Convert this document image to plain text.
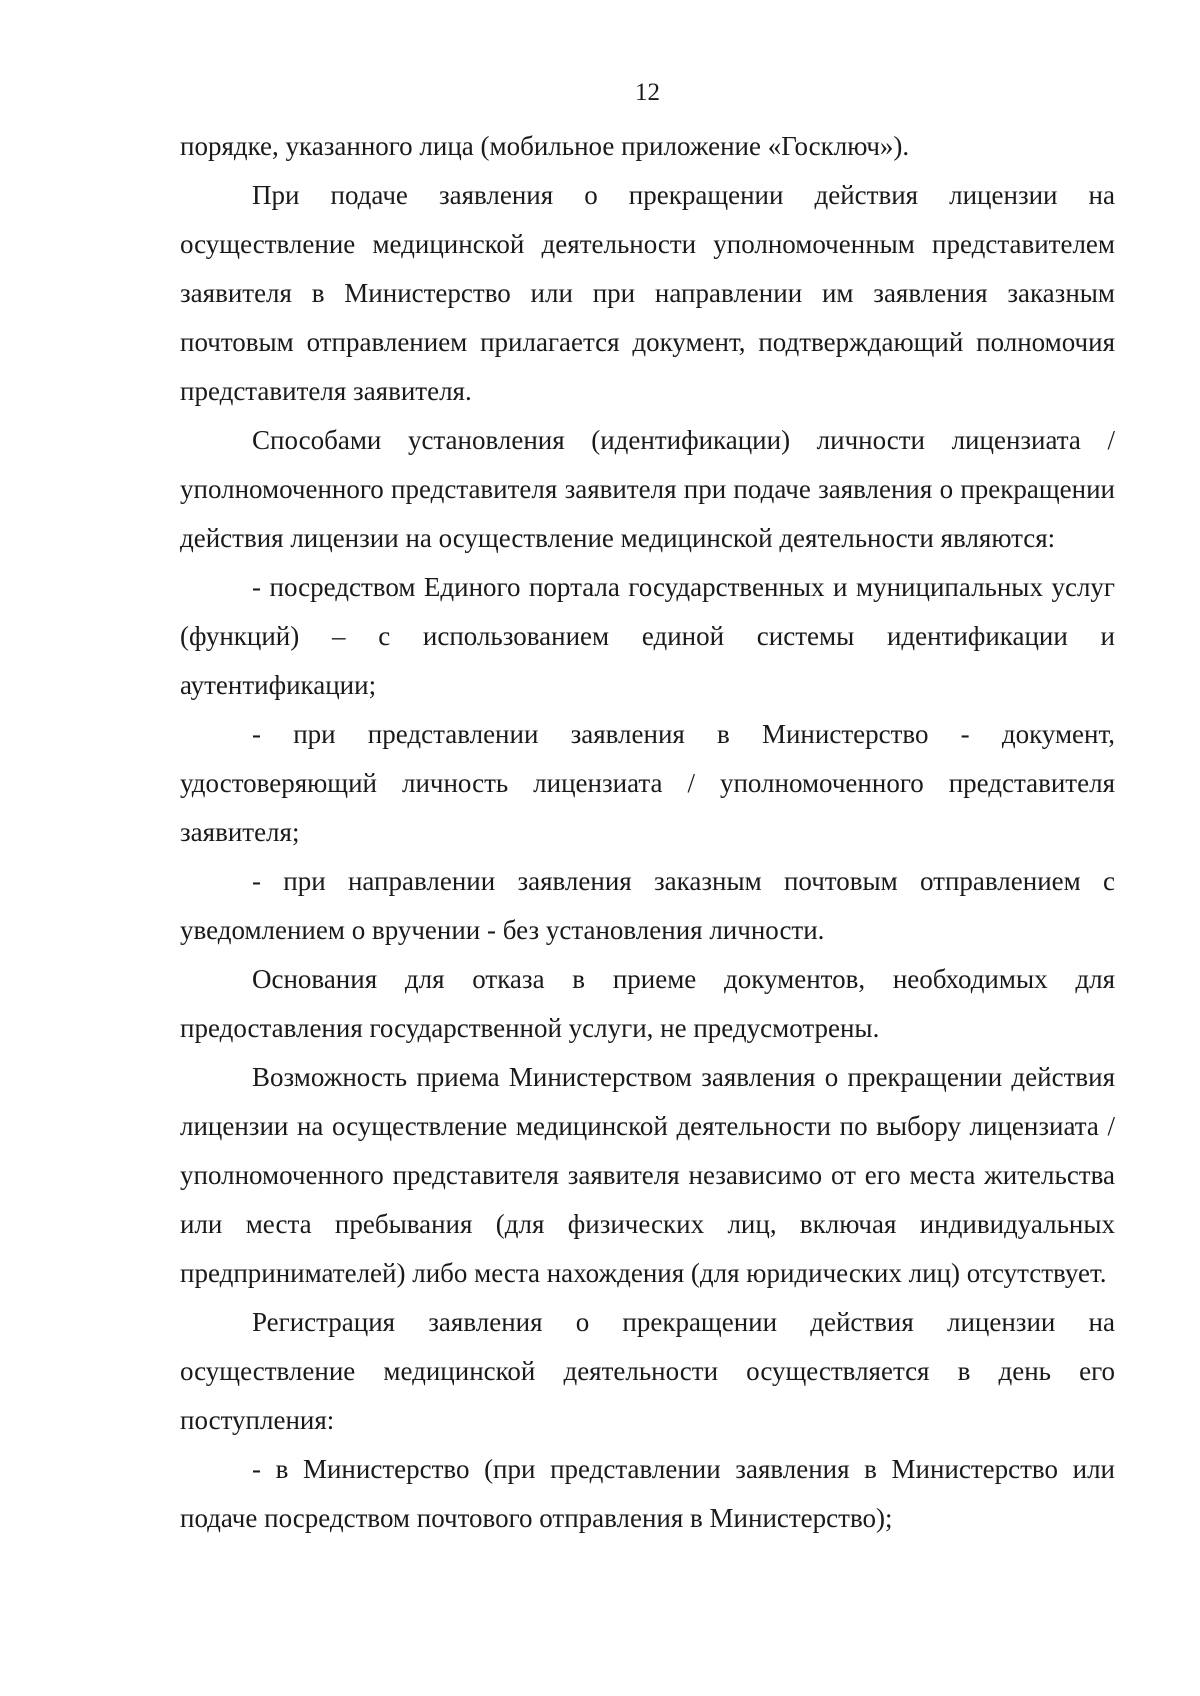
12

порядке, указанного лица (мобильное приложение «Госключ»).

При подаче заявления о прекращении действия лицензии на осуществление медицинской деятельности уполномоченным представителем заявителя в Министерство или при направлении им заявления заказным почтовым отправлением прилагается документ, подтверждающий полномочия представителя заявителя.

Способами установления (идентификации) личности лицензиата / уполномоченного представителя заявителя при подаче заявления о прекращении действия лицензии на осуществление медицинской деятельности являются:

- посредством Единого портала государственных и муниципальных услуг (функций) – с использованием единой системы идентификации и аутентификации;

- при представлении заявления в Министерство - документ, удостоверяющий личность лицензиата / уполномоченного представителя заявителя;

- при направлении заявления заказным почтовым отправлением с уведомлением о вручении - без установления личности.

Основания для отказа в приеме документов, необходимых для предоставления государственной услуги, не предусмотрены.

Возможность приема Министерством заявления о прекращении действия лицензии на осуществление медицинской деятельности по выбору лицензиата / уполномоченного представителя заявителя независимо от его места жительства или места пребывания (для физических лиц, включая индивидуальных предпринимателей) либо места нахождения (для юридических лиц) отсутствует.

Регистрация заявления о прекращении действия лицензии на осуществление медицинской деятельности осуществляется в день его поступления:

- в Министерство (при представлении заявления в Министерство или подаче посредством почтового отправления в Министерство);
